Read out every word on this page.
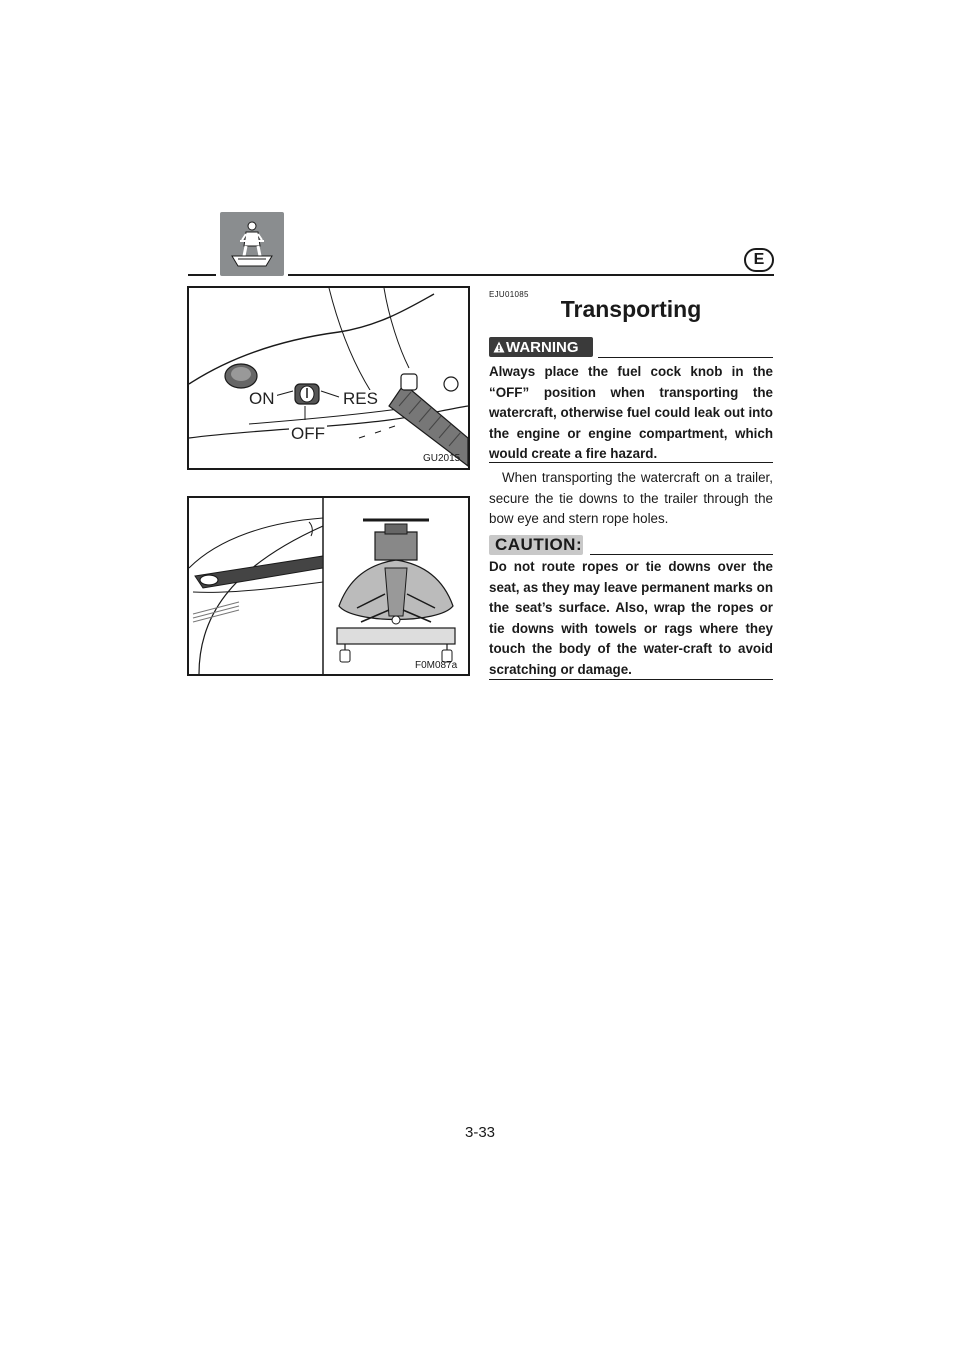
E
ON	RES
OFF
GU2015
F0M087a
EJU01085
Transporting
WARNING

Always place the fuel cock knob in the “OFF” position when transporting the watercraft, otherwise fuel could leak out into the engine or engine compartment, which would create a fire hazard.

When transporting the watercraft on a trailer, secure the tie downs to the trailer through the bow eye and stern rope holes.

CAUTION:

Do not route ropes or tie downs over the seat, as they may leave permanent marks on the seat’s surface. Also, wrap the ropes or tie downs with towels or rags where they touch the body of the water-craft to avoid scratching or damage.

3-33
